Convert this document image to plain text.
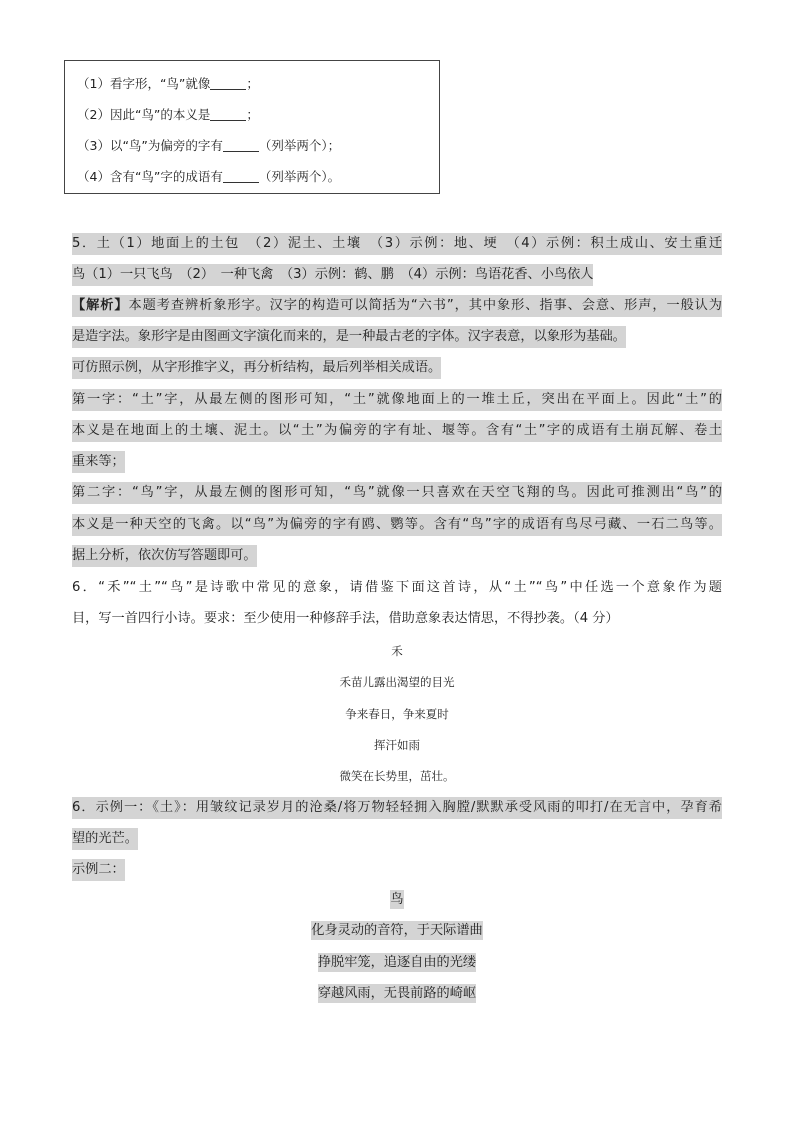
（1）看字形，“鸟”就像	；
（2）因此“鸟”的本义是	；
（3）以“鸟”为偏旁的字有	（列举两个）；
（4）含有“鸟”字的成语有	（列举两个）。
5．土（1）地面上的土包　（2）泥土、土壤　（3）示例：地、埂　（4）示例：积土成山、安土重迁
鸟（1）一只飞鸟　（2）　一种飞禽　（3）示例：鹤、鹏　（4）示例：鸟语花香、小鸟依人
【解析】本题考查辨析象形字。汉字的构造可以简括为“六书”，其中象形、指事、会意、形声，一般认为
是造字法。象形字是由图画文字演化而来的，是一种最古老的字体。汉字表意，以象形为基础。
可仿照示例，从字形推字义，再分析结构，最后列举相关成语。
第一字：“土”字，从最左侧的图形可知，“土”就像地面上的一堆土丘，突出在平面上。因此“土”的
本义是在地面上的土壤、泥土。以“土”为偏旁的字有址、堰等。含有“土”字的成语有土崩瓦解、卷土
重来等；
第二字：“鸟”字，从最左侧的图形可知，“鸟”就像一只喜欢在天空飞翔的鸟。因此可推测出“鸟”的
本义是一种天空的飞禽。以“鸟”为偏旁的字有鸥、鹦等。含有“鸟”字的成语有鸟尽弓藏、一石二鸟等。
据上分析，依次仿写答题即可。
6．“禾”“土”“鸟”是诗歌中常见的意象，请借鉴下面这首诗，从“土”“鸟”中任选一个意象作为题
目，写一首四行小诗。要求：至少使用一种修辞手法，借助意象表达情思，不得抄袭。（4 分）
禾
禾苗儿露出渴望的目光
争来春日，争来夏时
挥汗如雨
微笑在长势里，茁壮。
6．示例一：《土》：用皱纹记录岁月的沧桑/将万物轻轻拥入胸膛/默默承受风雨的叩打/在无言中，孕育希
望的光芒。
示例二：
鸟
化身灵动的音符，于天际谱曲
挣脱牢笼，追逐自由的光缕
穿越风雨，无畏前路的崎岖
